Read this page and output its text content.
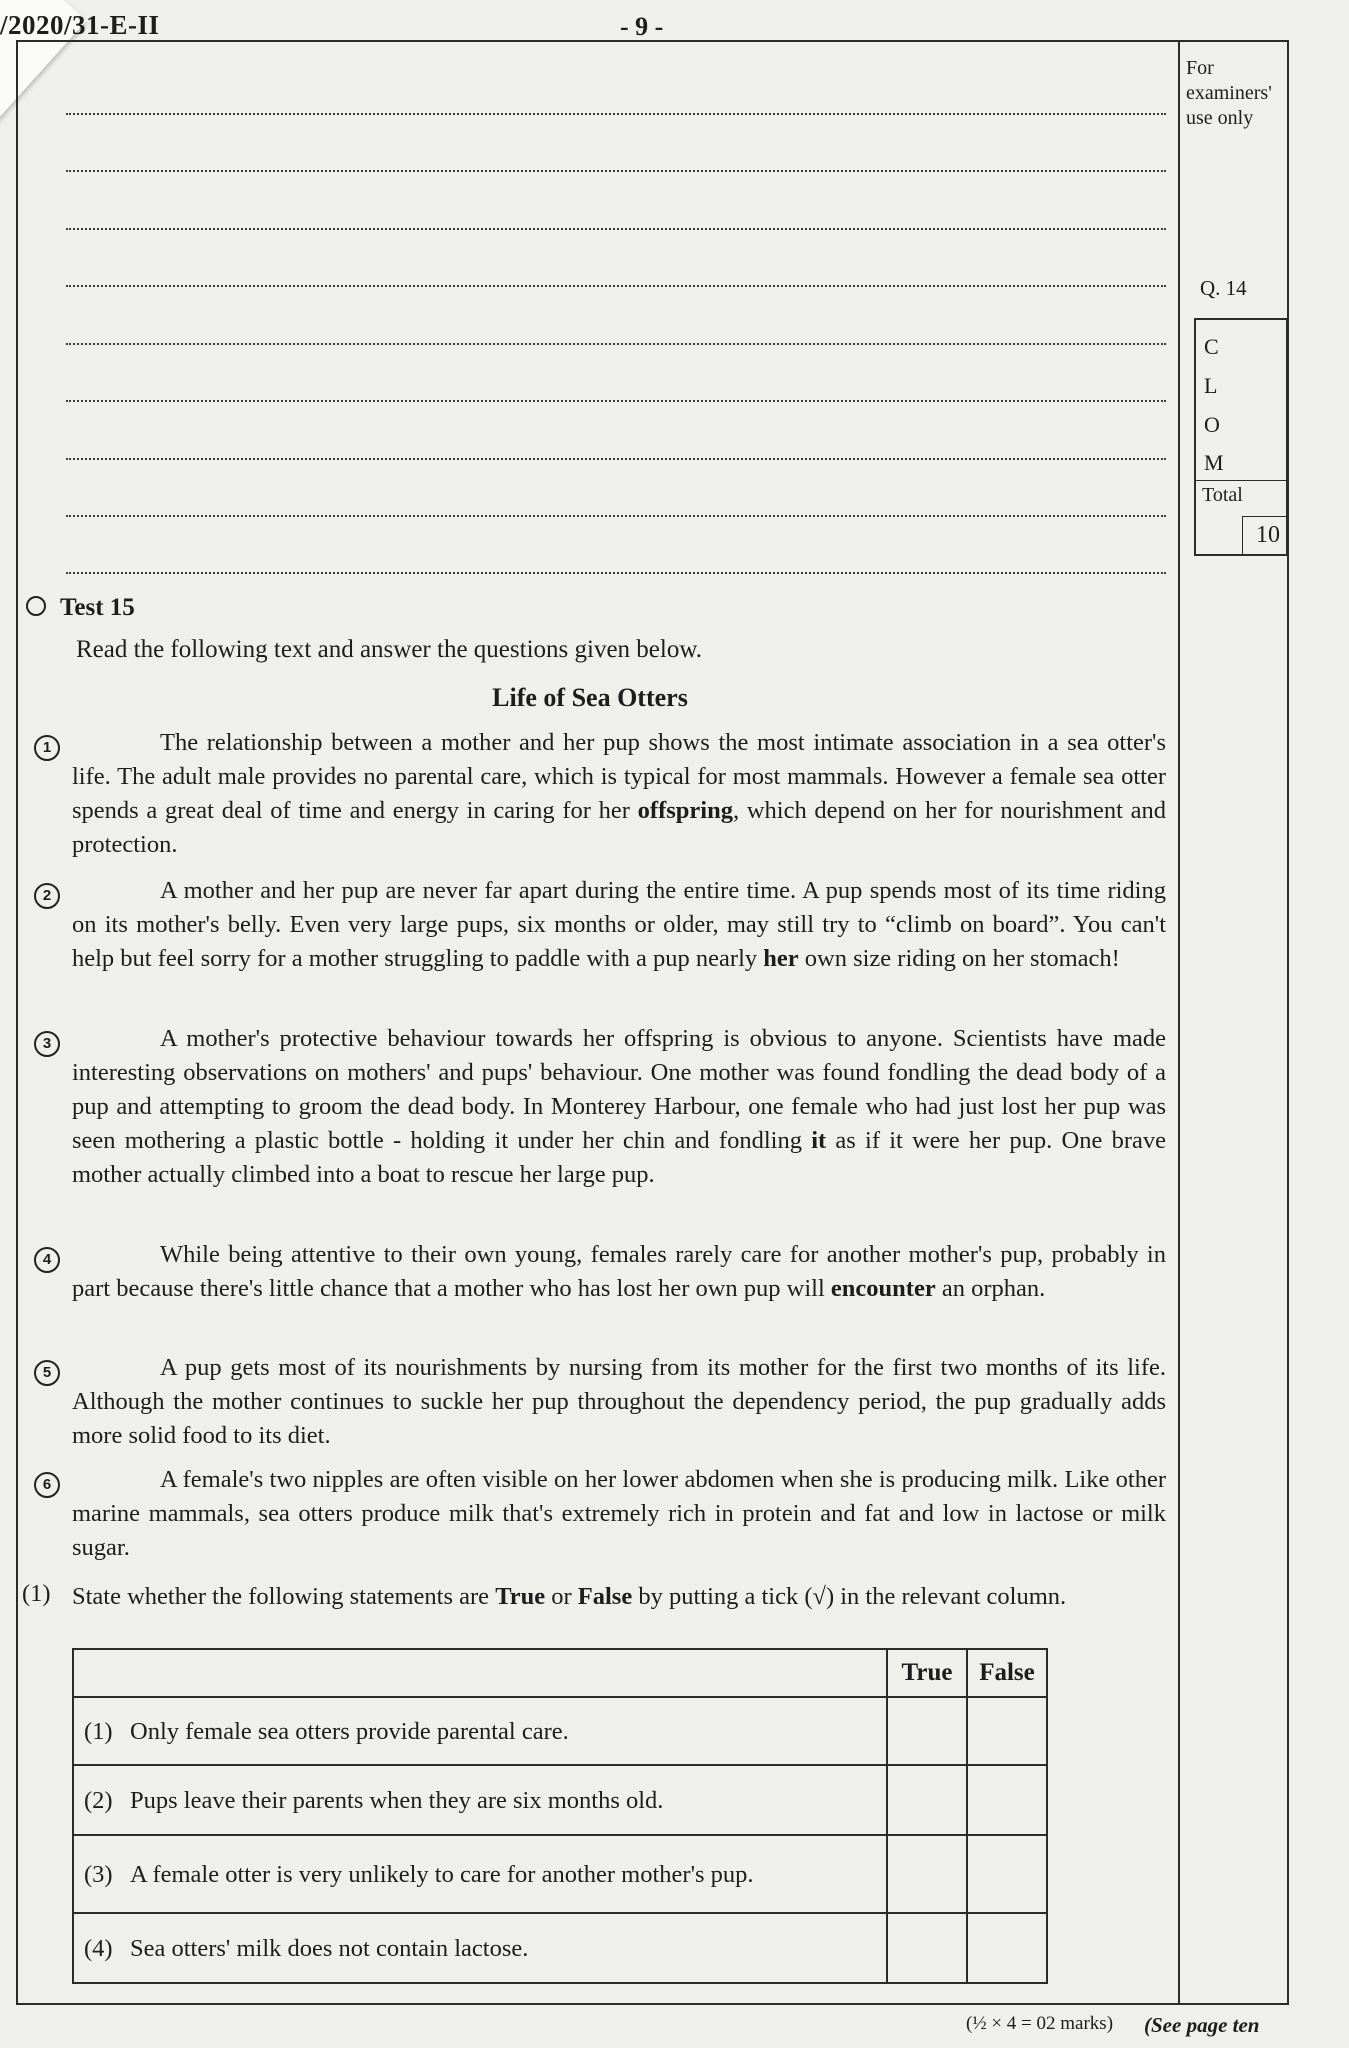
/2020/31-E-II	- 9 -
For
examiners'
use only
Q. 14
C
L
O
M
Total
10
Test 15
Read the following text and answer the questions given below.
Life of Sea Otters
1	The relationship between a mother and her pup shows the most intimate association in a sea otter's life. The adult male provides no parental care, which is typical for most mammals. However a female sea otter spends a great deal of time and energy in caring for her offspring, which depend on her for nourishment and protection.

2	A mother and her pup are never far apart during the entire time. A pup spends most of its time riding on its mother's belly. Even very large pups, six months or older, may still try to “climb on board”. You can't help but feel sorry for a mother struggling to paddle with a pup nearly her own size riding on her stomach!

3	A mother's protective behaviour towards her offspring is obvious to anyone. Scientists have made interesting observations on mothers' and pups' behaviour. One mother was found fondling the dead body of a pup and attempting to groom the dead body. In Monterey Harbour, one female who had just lost her pup was seen mothering a plastic bottle - holding it under her chin and fondling it as if it were her pup. One brave mother actually climbed into a boat to rescue her large pup.

4	While being attentive to their own young, females rarely care for another mother's pup, probably in part because there's little chance that a mother who has lost her own pup will encounter an orphan.

5	A pup gets most of its nourishments by nursing from its mother for the first two months of its life. Although the mother continues to suckle her pup throughout the dependency period, the pup gradually adds more solid food to its diet.

6	A female's two nipples are often visible on her lower abdomen when she is producing milk. Like other marine mammals, sea otters produce milk that's extremely rich in protein and fat and low in lactose or milk sugar.

(1) State whether the following statements are True or False by putting a tick (√) in the relevant column.

	True	False
(1) Only female sea otters provide parental care.		
(2) Pups leave their parents when they are six months old.		
(3) A female otter is very unlikely to care for another mother's pup.		
(4) Sea otters' milk does not contain lactose.		
(½ × 4 = 02 marks) (See page ten
